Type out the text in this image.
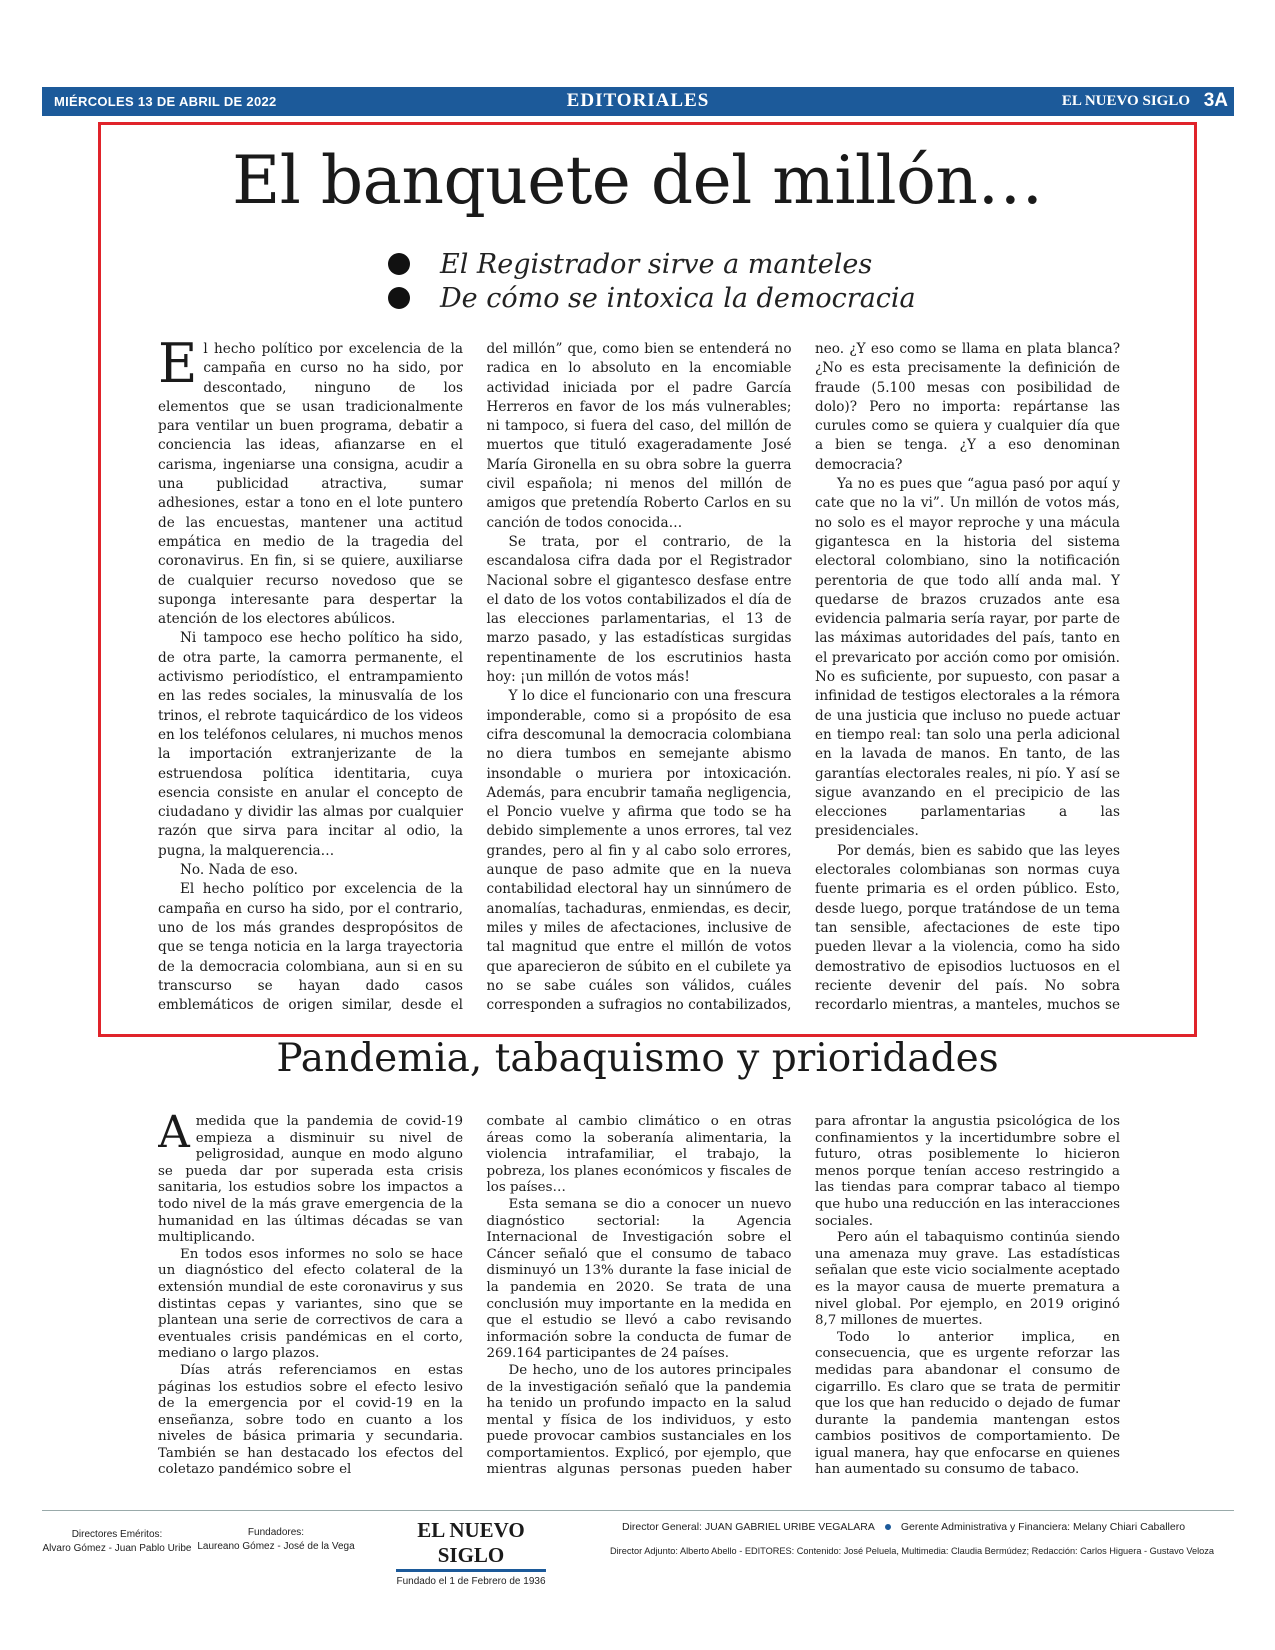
MIÉRCOLES 13 DE ABRIL DE 2022	EDITORIALES	EL NUEVO SIGLO 3A
El banquete del millón…
El Registrador sirve a manteles
De cómo se intoxica la democracia

El hecho político por excelencia de la campaña en curso no ha sido, por descontado, ninguno de los elementos que se usan tradicionalmente para ventilar un buen programa, debatir a conciencia las ideas, afianzarse en el carisma, ingeniarse una consigna, acudir a una publicidad atractiva, sumar adhesiones, estar a tono en el lote puntero de las encuestas, mantener una actitud empática en medio de la tragedia del coronavirus. En fin, si se quiere, auxiliarse de cualquier recurso novedoso que se suponga interesante para despertar la atención de los electores abúlicos.

Ni tampoco ese hecho político ha sido, de otra parte, la camorra permanente, el activismo periodístico, el entrampamiento en las redes sociales, la minusvalía de los trinos, el rebrote taquicárdico de los videos en los teléfonos celulares, ni muchos menos la importación extranjerizante de la estruendosa política identitaria, cuya esencia consiste en anular el concepto de ciudadano y dividir las almas por cualquier razón que sirva para incitar al odio, la pugna, la malquerencia…

No. Nada de eso.

El hecho político por excelencia de la campaña en curso ha sido, por el contrario, uno de los más grandes despropósitos de que se tenga noticia en la larga trayectoria de la democracia colombiana, aun si en su transcurso se hayan dado casos emblemáticos de origen similar, desde el

del millón” que, como bien se entenderá no radica en lo absoluto en la encomiable actividad iniciada por el padre García Herreros en favor de los más vulnerables; ni tampoco, si fuera del caso, del millón de muertos que tituló exageradamente José María Gironella en su obra sobre la guerra civil española; ni menos del millón de amigos que pretendía Roberto Carlos en su canción de todos conocida…

Se trata, por el contrario, de la escandalosa cifra dada por el Registrador Nacional sobre el gigantesco desfase entre el dato de los votos contabilizados el día de las elecciones parlamentarias, el 13 de marzo pasado, y las estadísticas surgidas repentinamente de los escrutinios hasta hoy: ¡un millón de votos más!

Y lo dice el funcionario con una frescura imponderable, como si a propósito de esa cifra descomunal la democracia colombiana no diera tumbos en semejante abismo insondable o muriera por intoxicación. Además, para encubrir tamaña negligencia, el Poncio vuelve y afirma que todo se ha debido simplemente a unos errores, tal vez grandes, pero al fin y al cabo solo errores, aunque de paso admite que en la nueva contabilidad electoral hay un sinnúmero de anomalías, tachaduras, enmiendas, es decir, miles y miles de afectaciones, inclusive de tal magnitud que entre el millón de votos que aparecieron de súbito en el cubilete ya no se sabe cuáles son válidos, cuáles corresponden a sufragios no contabilizados,

neo. ¿Y eso como se llama en plata blanca? ¿No es esta precisamente la definición de fraude (5.100 mesas con posibilidad de dolo)? Pero no importa: repártanse las curules como se quiera y cualquier día que a bien se tenga. ¿Y a eso denominan democracia?

Ya no es pues que “agua pasó por aquí y cate que no la vi”. Un millón de votos más, no solo es el mayor reproche y una mácula gigantesca en la historia del sistema electoral colombiano, sino la notificación perentoria de que todo allí anda mal. Y quedarse de brazos cruzados ante esa evidencia palmaria sería rayar, por parte de las máximas autoridades del país, tanto en el prevaricato por acción como por omisión. No es suficiente, por supuesto, con pasar a infinidad de testigos electorales a la rémora de una justicia que incluso no puede actuar en tiempo real: tan solo una perla adicional en la lavada de manos. En tanto, de las garantías electorales reales, ni pío. Y así se sigue avanzando en el precipicio de las elecciones parlamentarias a las presidenciales.

Por demás, bien es sabido que las leyes electorales colombianas son normas cuya fuente primaria es el orden público. Esto, desde luego, porque tratándose de un tema tan sensible, afectaciones de este tipo pueden llevar a la violencia, como ha sido demostrativo de episodios luctuosos en el reciente devenir del país. No sobra recordarlo mientras, a manteles, muchos se

Pandemia, tabaquismo y prioridades

A medida que la pandemia de covid-19 empieza a disminuir su nivel de peligrosidad, aunque en modo alguno se pueda dar por superada esta crisis sanitaria, los estudios sobre los impactos a todo nivel de la más grave emergencia de la humanidad en las últimas décadas se van multiplicando.

En todos esos informes no solo se hace un diagnóstico del efecto colateral de la extensión mundial de este coronavirus y sus distintas cepas y variantes, sino que se plantean una serie de correctivos de cara a eventuales crisis pandémicas en el corto, mediano o largo plazos.

Días atrás referenciamos en estas páginas los estudios sobre el efecto lesivo de la emergencia por el covid-19 en la enseñanza, sobre todo en cuanto a los niveles de básica primaria y secundaria. También se han destacado los efectos del coletazo pandémico sobre el

combate al cambio climático o en otras áreas como la soberanía alimentaria, la violencia intrafamiliar, el trabajo, la pobreza, los planes económicos y fiscales de los países…

Esta semana se dio a conocer un nuevo diagnóstico sectorial: la Agencia Internacional de Investigación sobre el Cáncer señaló que el consumo de tabaco disminuyó un 13% durante la fase inicial de la pandemia en 2020. Se trata de una conclusión muy importante en la medida en que el estudio se llevó a cabo revisando información sobre la conducta de fumar de 269.164 participantes de 24 países.

De hecho, uno de los autores principales de la investigación señaló que la pandemia ha tenido un profundo impacto en la salud mental y física de los individuos, y esto puede provocar cambios sustanciales en los comportamientos. Explicó, por ejemplo, que mientras algunas personas pueden haber

para afrontar la angustia psicológica de los confinamientos y la incertidumbre sobre el futuro, otras posiblemente lo hicieron menos porque tenían acceso restringido a las tiendas para comprar tabaco al tiempo que hubo una reducción en las interacciones sociales.

Pero aún el tabaquismo continúa siendo una amenaza muy grave. Las estadísticas señalan que este vicio socialmente aceptado es la mayor causa de muerte prematura a nivel global. Por ejemplo, en 2019 originó 8,7 millones de muertes.

Todo lo anterior implica, en consecuencia, que es urgente reforzar las medidas para abandonar el consumo de cigarrillo. Es claro que se trata de permitir que los que han reducido o dejado de fumar durante la pandemia mantengan estos cambios positivos de comportamiento. De igual manera, hay que enfocarse en quienes han aumentado su consumo de tabaco.

Directores Eméritos:
Alvaro Gómez - Juan Pablo Uribe
Fundadores:
Laureano Gómez - José de la Vega
EL NUEVO SIGLO
Fundado el 1 de Febrero de 1936
Director General: JUAN GABRIEL URIBE VEGALARA Gerente Administrativa y Financiera: Melany Chiari Caballero
Director Adjunto: Alberto Abello - EDITORES: Contenido: José Peluela, Multimedia: Claudia Bermúdez; Redacción: Carlos Higuera - Gustavo Veloza
